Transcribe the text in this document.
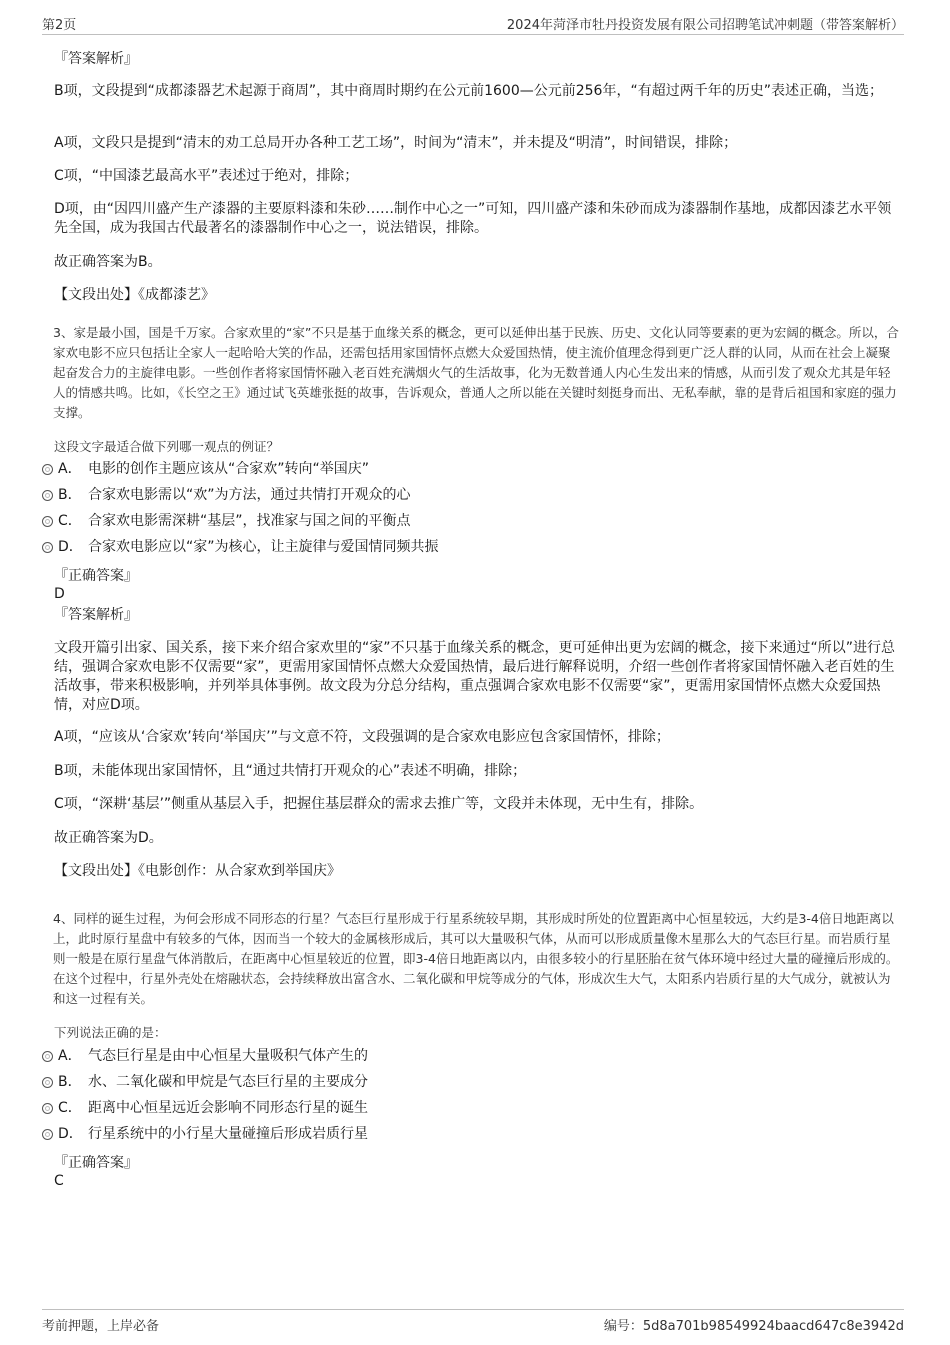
第2页	2024年菏泽市牡丹投资发展有限公司招聘笔试冲刺题（带答案解析）

『答案解析』

B项，文段提到“成都漆器艺术起源于商周”，其中商周时期约在公元前1600—公元前256年，“有超过两千年的历史”表述正确，当选；

A项，文段只是提到“清末的劝工总局开办各种工艺工场”，时间为“清末”，并未提及“明清”，时间错误，排除；

C项，“中国漆艺最高水平”表述过于绝对，排除；

D项，由“因四川盛产生产漆器的主要原料漆和朱砂……制作中心之一”可知，四川盛产漆和朱砂而成为漆器制作基地，成都因漆艺水平领先全国，成为我国古代最著名的漆器制作中心之一，说法错误，排除。

故正确答案为B。

【文段出处】《成都漆艺》

3、家是最小国，国是千万家。合家欢里的“家”不只是基于血缘关系的概念，更可以延伸出基于民族、历史、文化认同等要素的更为宏阔的概念。所以，合家欢电影不应只包括让全家人一起哈哈大笑的作品，还需包括用家国情怀点燃大众爱国热情，使主流价值理念得到更广泛人群的认同，从而在社会上凝聚起奋发合力的主旋律电影。一些创作者将家国情怀融入老百姓充满烟火气的生活故事，化为无数普通人内心生发出来的情感，从而引发了观众尤其是年轻人的情感共鸣。比如，《长空之王》通过试飞英雄张挺的故事，告诉观众，普通人之所以能在关键时刻挺身而出、无私奉献，靠的是背后祖国和家庭的强力支撑。

这段文字最适合做下列哪一观点的例证？

A． 电影的创作主题应该从“合家欢”转向“举国庆”
B． 合家欢电影需以“欢”为方法，通过共情打开观众的心
C． 合家欢电影需深耕“基层”，找准家与国之间的平衡点
D． 合家欢电影应以“家”为核心，让主旋律与爱国情同频共振

『正确答案』

D

『答案解析』

文段开篇引出家、国关系，接下来介绍合家欢里的“家”不只基于血缘关系的概念，更可延伸出更为宏阔的概念，接下来通过“所以”进行总结，强调合家欢电影不仅需要“家”，更需用家国情怀点燃大众爱国热情，最后进行解释说明，介绍一些创作者将家国情怀融入老百姓的生活故事，带来积极影响，并列举具体事例。故文段为分总分结构，重点强调合家欢电影不仅需要“家”，更需用家国情怀点燃大众爱国热情，对应D项。

A项，“应该从‘合家欢’转向‘举国庆’”与文意不符，文段强调的是合家欢电影应包含家国情怀，排除；

B项，未能体现出家国情怀，且“通过共情打开观众的心”表述不明确，排除；

C项，“深耕‘基层’”侧重从基层入手，把握住基层群众的需求去推广等，文段并未体现，无中生有，排除。

故正确答案为D。

【文段出处】《电影创作：从合家欢到举国庆》

4、同样的诞生过程，为何会形成不同形态的行星？气态巨行星形成于行星系统较早期，其形成时所处的位置距离中心恒星较远，大约是3-4倍日地距离以上，此时原行星盘中有较多的气体，因而当一个较大的金属核形成后，其可以大量吸积气体，从而可以形成质量像木星那么大的气态巨行星。而岩质行星则一般是在原行星盘气体消散后，在距离中心恒星较近的位置，即3-4倍日地距离以内，由很多较小的行星胚胎在贫气体环境中经过大量的碰撞后形成的。在这个过程中，行星外壳处在熔融状态，会持续释放出富含水、二氧化碳和甲烷等成分的气体，形成次生大气，太阳系内岩质行星的大气成分，就被认为和这一过程有关。

下列说法正确的是：

A． 气态巨行星是由中心恒星大量吸积气体产生的
B． 水、二氧化碳和甲烷是气态巨行星的主要成分
C． 距离中心恒星远近会影响不同形态行星的诞生
D． 行星系统中的小行星大量碰撞后形成岩质行星

『正确答案』

C

考前押题，上岸必备	编号：5d8a701b98549924baacd647c8e3942d
